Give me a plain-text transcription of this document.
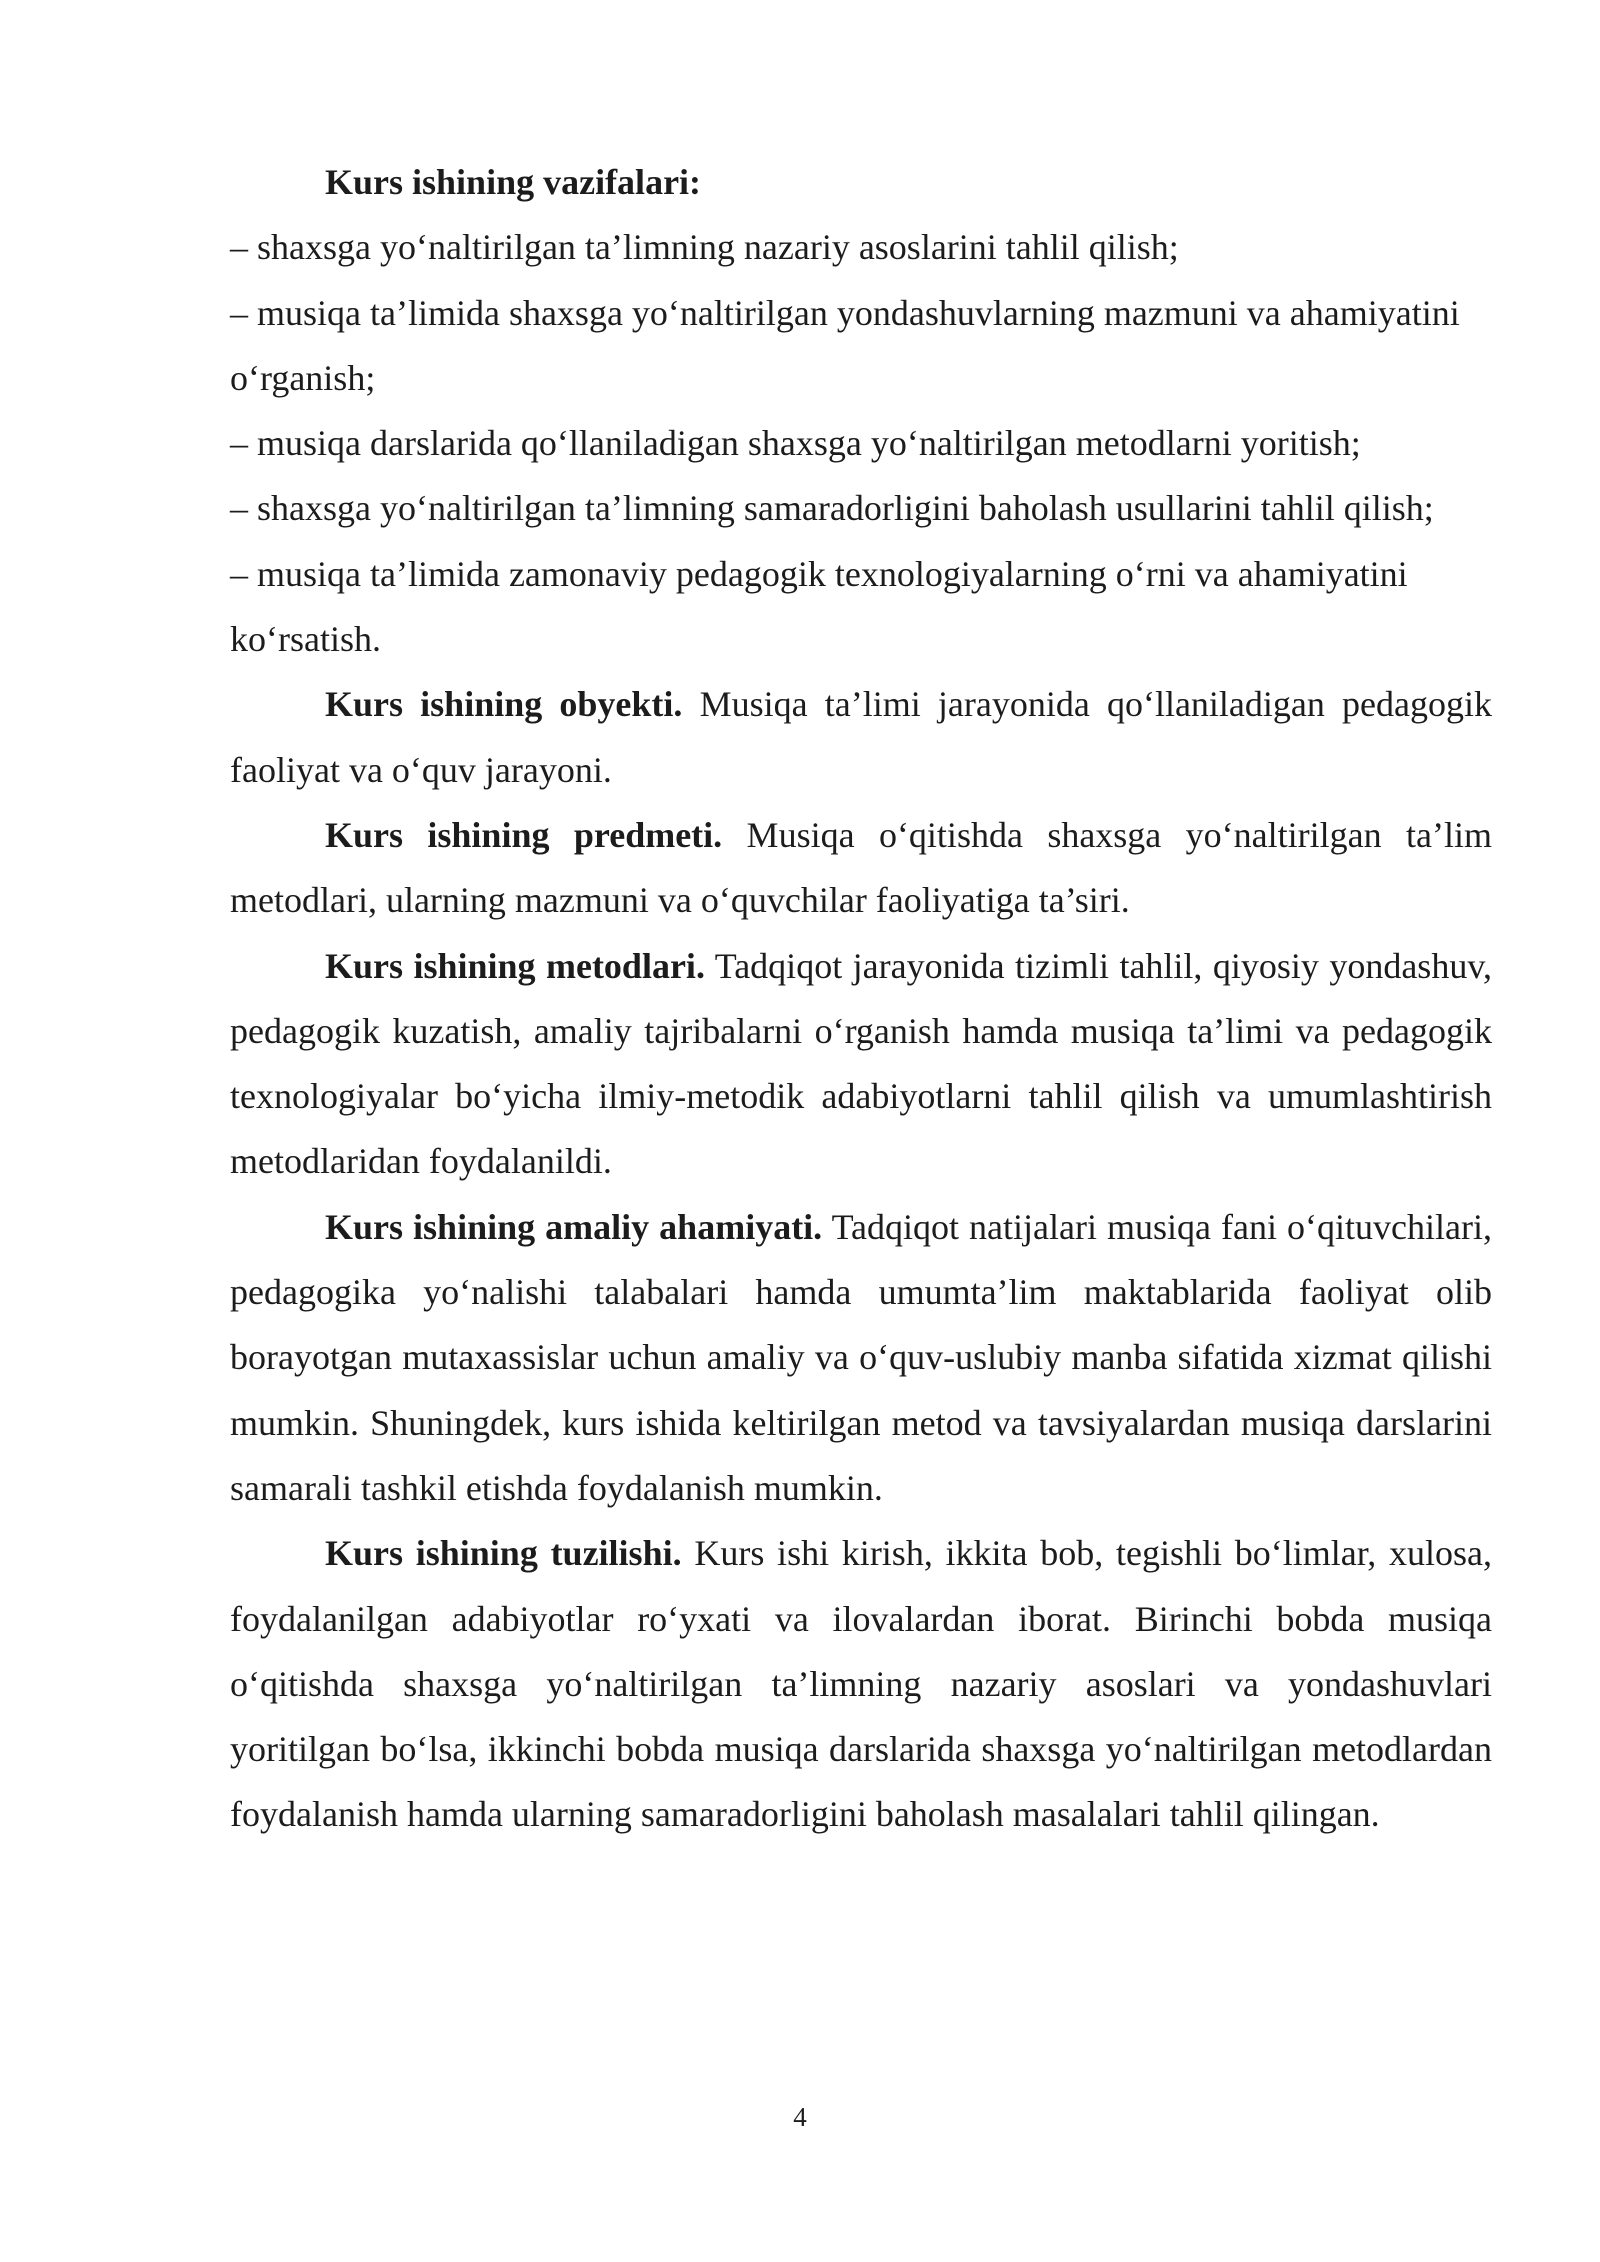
Kurs ishining vazifalari:

– shaxsga yo‘naltirilgan ta’limning nazariy asoslarini tahlil qilish;

– musiqa ta’limida shaxsga yo‘naltirilgan yondashuvlarning mazmuni va ahamiyatini o‘rganish;

– musiqa darslarida qo‘llaniladigan shaxsga yo‘naltirilgan metodlarni yoritish;

– shaxsga yo‘naltirilgan ta’limning samaradorligini baholash usullarini tahlil qilish;

– musiqa ta’limida zamonaviy pedagogik texnologiyalarning o‘rni va ahamiyatini ko‘rsatish.

Kurs ishining obyekti. Musiqa ta’limi jarayonida qo‘llaniladigan pedagogik faoliyat va o‘quv jarayoni.

Kurs ishining predmeti. Musiqa o‘qitishda shaxsga yo‘naltirilgan ta’lim metodlari, ularning mazmuni va o‘quvchilar faoliyatiga ta’siri.

Kurs ishining metodlari. Tadqiqot jarayonida tizimli tahlil, qiyosiy yondashuv, pedagogik kuzatish, amaliy tajribalarni o‘rganish hamda musiqa ta’limi va pedagogik texnologiyalar bo‘yicha ilmiy-metodik adabiyotlarni tahlil qilish va umumlashtirish metodlaridan foydalanildi.

Kurs ishining amaliy ahamiyati. Tadqiqot natijalari musiqa fani o‘qituvchilari, pedagogika yo‘nalishi talabalari hamda umumta’lim maktablarida faoliyat olib borayotgan mutaxassislar uchun amaliy va o‘quv-uslubiy manba sifatida xizmat qilishi mumkin. Shuningdek, kurs ishida keltirilgan metod va tavsiyalardan musiqa darslarini samarali tashkil etishda foydalanish mumkin.

Kurs ishining tuzilishi. Kurs ishi kirish, ikkita bob, tegishli bo‘limlar, xulosa, foydalanilgan adabiyotlar ro‘yxati va ilovalardan iborat. Birinchi bobda musiqa o‘qitishda shaxsga yo‘naltirilgan ta’limning nazariy asoslari va yondashuvlari yoritilgan bo‘lsa, ikkinchi bobda musiqa darslarida shaxsga yo‘naltirilgan metodlardan foydalanish hamda ularning samaradorligini baholash masalalari tahlil qilingan.

4
